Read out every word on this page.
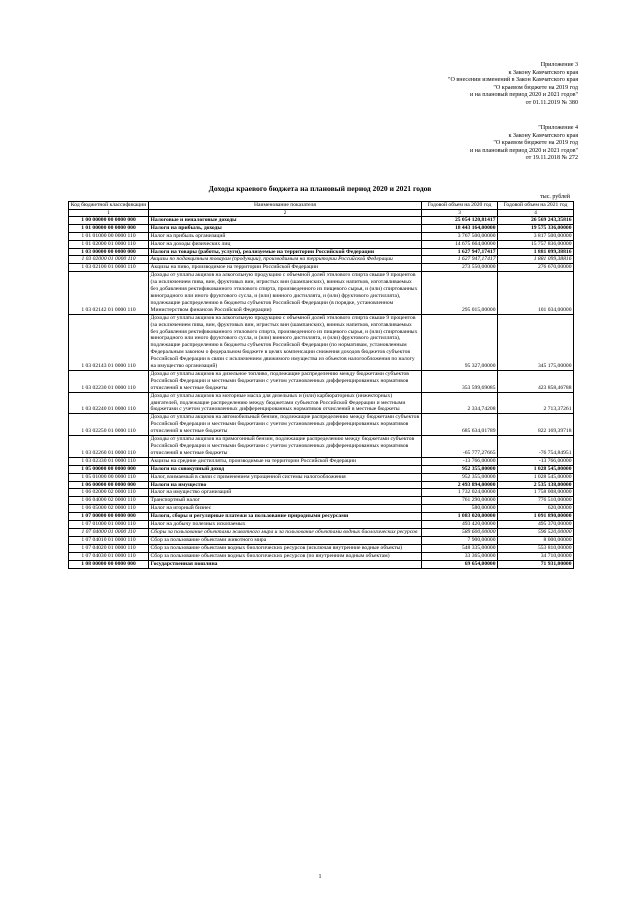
Приложение 3
к Закону Камчатского края
"О внесении изменений в Закон Камчатского края
"О краевом бюджете на 2019 год
и на плановый период 2020 и 2021 годов"
от 01.11.2019 № 380
"Приложение 4
к Закону Камчатского края
"О краевом бюджете на 2019 год
и на плановый период 2020 и 2021 годов"
от 19.11.2018 № 272
Доходы краевого бюджета на плановый период 2020 и 2021 годов
тыс. рублей
Код бюджетной классификации	Наименование показателя	Годовой объем на 2020 год	Годовой объем на 2021 год
1	2	3	4
1 00 00000 00 0000 000	Налоговые и неналоговые доходы	25 054 120,81417	26 569 243,35816
1 01 00000 00 0000 000	Налоги на прибыль, доходы	18 443 164,00000	19 575 336,00000
1 01 01000 00 0000 110	Налог на прибыль организаций	3 767 500,00000	3 817 500,00000
1 01 02000 01 0000 110	Налог на доходы физических лиц	14 675 664,00000	15 757 836,00000
1 03 00000 00 0000 000	Налоги на товары (работы, услуги), реализуемые на территории Российской Федерации	1 627 947,17417	1 881 099,38816
1 03 02000 01 0000 110	Акцизы по подакцизным товарам (продукции), производимым на территории Российской Федерации	1 627 947,17417	1 881 099,38816
1 03 02100 01 0000 110	Акцизы на пиво, производимое на территории Российской Федерации	273 550,00000	276 670,00000
1 03 02142 01 0000 110	Доходы от уплаты акцизов на алкогольную продукцию с объемной долей этилового спирта свыше 9 процентов (за исключением пива, вин, фруктовых вин, игристых вин (шампанских), винных напитков, изготавливаемых без добавления ректификованного этилового спирта, произведенного из пищевого сырья, и (или) спиртованных виноградного или иного фруктового сусла, и (или) винного дистиллята, и (или) фруктового дистиллята), подлежащие распределению в бюджеты субъектов Российской Федерации (в порядке, установленном Министерством финансов Российской Федерации)	295 015,00000	101 034,00000
1 03 02143 01 0000 110	Доходы от уплаты акцизов на алкогольную продукцию с объемной долей этилового спирта свыше 9 процентов (за исключением пива, вин, фруктовых вин, игристых вин (шампанских), винных напитков, изготавливаемых без добавления ректификованного этилового спирта, произведенного из пищевого сырья, и (или) спиртованных виноградного или иного фруктового сусла, и (или) винного дистиллята, и (или) фруктового дистиллята), подлежащие распределению в бюджеты субъектов Российской Федерации (по нормативам, установленным Федеральным законом о федеральном бюджете в целях компенсации снижения доходов бюджетов субъектов Российской Федерации в связи с исключением движимого имущества из объектов налогообложения по налогу на имущество организаций)	95 327,00000	345 175,00000
1 03 02230 01 0000 110	Доходы от уплаты акцизов на дизельное топливо, подлежащие распределению между бюджетами субъектов Российской Федерации и местными бюджетами с учетом установленных дифференцированных нормативов отчислений в местные бюджеты	353 599,69085	423 858,46788
1 03 02240 01 0000 110	Доходы от уплаты акцизов на моторные масла для дизельных и (или) карбюраторных (инжекторных) двигателей, подлежащие распределению между бюджетами субъектов Российской Федерации и местными бюджетами с учетом установленных дифференцированных нормативов отчислений в местные бюджеты	2 334,74208	2 713,37261
1 03 02250 01 0000 110	Доходы от уплаты акцизов на автомобильный бензин, подлежащие распределению между бюджетами субъектов Российской Федерации и местными бюджетами с учетом установленных дифференцированных нормативов отчислений в местные бюджеты	685 634,01789	822 169,39718
1 03 02260 01 0000 110	Доходы от уплаты акцизов на прямогонный бензин, подлежащие распределению между бюджетами субъектов Российской Федерации и местными бюджетами с учетом установленных дифференцированных нормативов отчислений в местные бюджеты	-65 777,27665	-76 754,84951
1 03 02330 01 0000 110	Акцизы на средние дистилляты, производимые на территории Российской Федерации	-13 766,00000	-13 766,00000
1 05 00000 00 0000 000	Налоги на совокупный доход	952 355,00000	1 028 545,00000
1 05 01000 00 0000 110	Налог, взимаемый в связи с применением упрощенной системы налогообложения	952 355,00000	1 028 545,00000
1 06 00000 00 0000 000	Налоги на имущество	2 493 894,00000	2 535 138,00000
1 06 02000 02 0000 110	Налог на имущество организаций	1 732 024,00000	1 758 008,00000
1 06 04000 02 0000 110	Транспортный налог	761 290,00000	776 510,00000
1 06 05000 02 0000 110	Налог на игорный бизнес	580,00000	620,00000
1 07 00000 00 0000 000	Налоги, сборы и регулярные платежи за пользование природными ресурсами	1 083 020,00000	1 091 890,00000
1 07 01000 01 0000 110	Налог на добычу полезных ископаемых	493 420,00000	495 370,00000
1 07 04000 01 0000 110	Сборы за пользование объектами животного мира и за пользование объектами водных биологических ресурсов	589 600,00000	596 520,00000
1 07 04010 01 0000 110	Сбор за пользование объектами животного мира	7 900,00000	8 000,00000
1 07 04020 01 0000 110	Сбор за пользование объектами водных биологических ресурсов (исключая внутренние водные объекты)	548 335,00000	553 810,00000
1 07 04030 01 0000 110	Сбор за пользование объектами водных биологических ресурсов (по внутренним водным объектам)	33 365,00000	34 710,00000
1 08 00000 00 0000 000	Государственная пошлина	69 654,00000	71 931,00000
1
